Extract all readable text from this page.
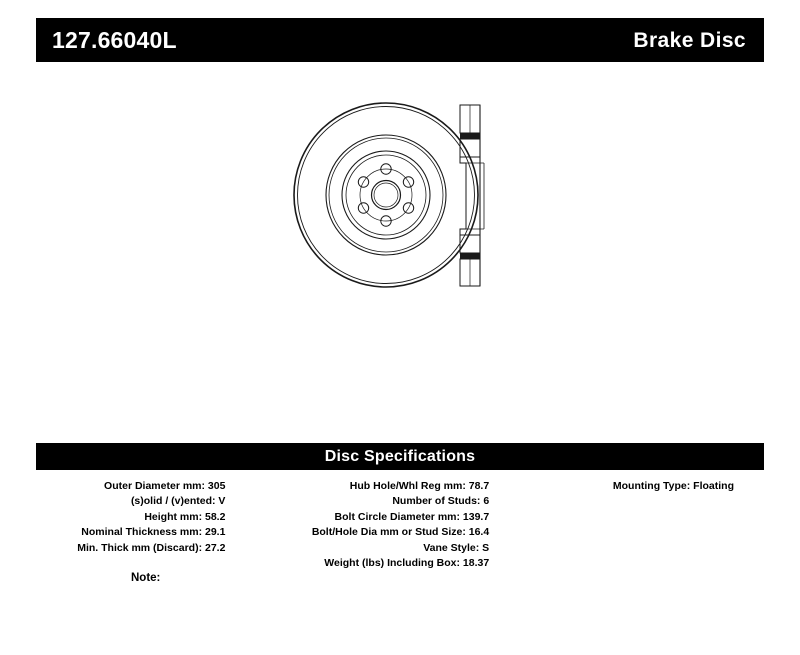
127.66040L	Brake Disc
Disc Specifications
Outer Diameter mm: 305
(s)olid / (v)ented: V
Height mm: 58.2
Nominal Thickness mm: 29.1
Min. Thick mm (Discard): 27.2
Hub Hole/Whl Reg mm: 78.7
Number of Studs: 6
Bolt Circle Diameter mm: 139.7
Bolt/Hole Dia mm or Stud Size: 16.4
Vane Style: S
Weight (lbs) Including Box: 18.37
Mounting Type: Floating
Note:
